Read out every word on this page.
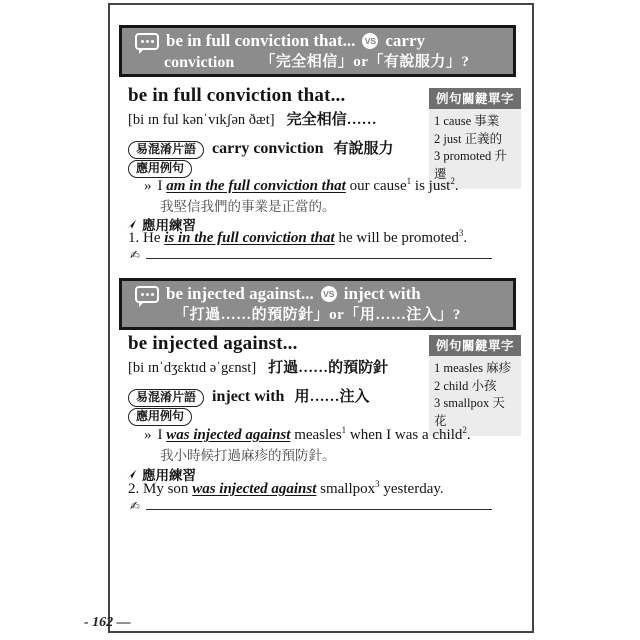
be in full conviction that... VS carry
conviction 「完全相信」or「有說服力」?
be in full conviction that...
[bi ɪn ful kənˈvɪkʃən ðæt] 完全相信……
例句關鍵單字
1 cause 事業
2 just 正義的
3 promoted 升遷
易混淆片語 carry conviction 有說服力
應用例句
» I am in the full conviction that our cause$^1$ is just$^2$.
我堅信我們的事業是正當的。
應用練習
1. He is in the full conviction that he will be promoted$^3$.
✍
be injected against... VS inject with
「打過……的預防針」or「用……注入」?
be injected against...
[bi ɪnˈdʒɛktɪd əˈgɛnst] 打過……的預防針
例句關鍵單字
1 measles 麻疹
2 child 小孩
3 smallpox 天花
易混淆片語 inject with 用……注入
應用例句
» I was injected against measles$^1$ when I was a child$^2$.
我小時候打過麻疹的預防針。
應用練習
2. My son was injected against smallpox$^3$ yesterday.
✍
- 162 —
